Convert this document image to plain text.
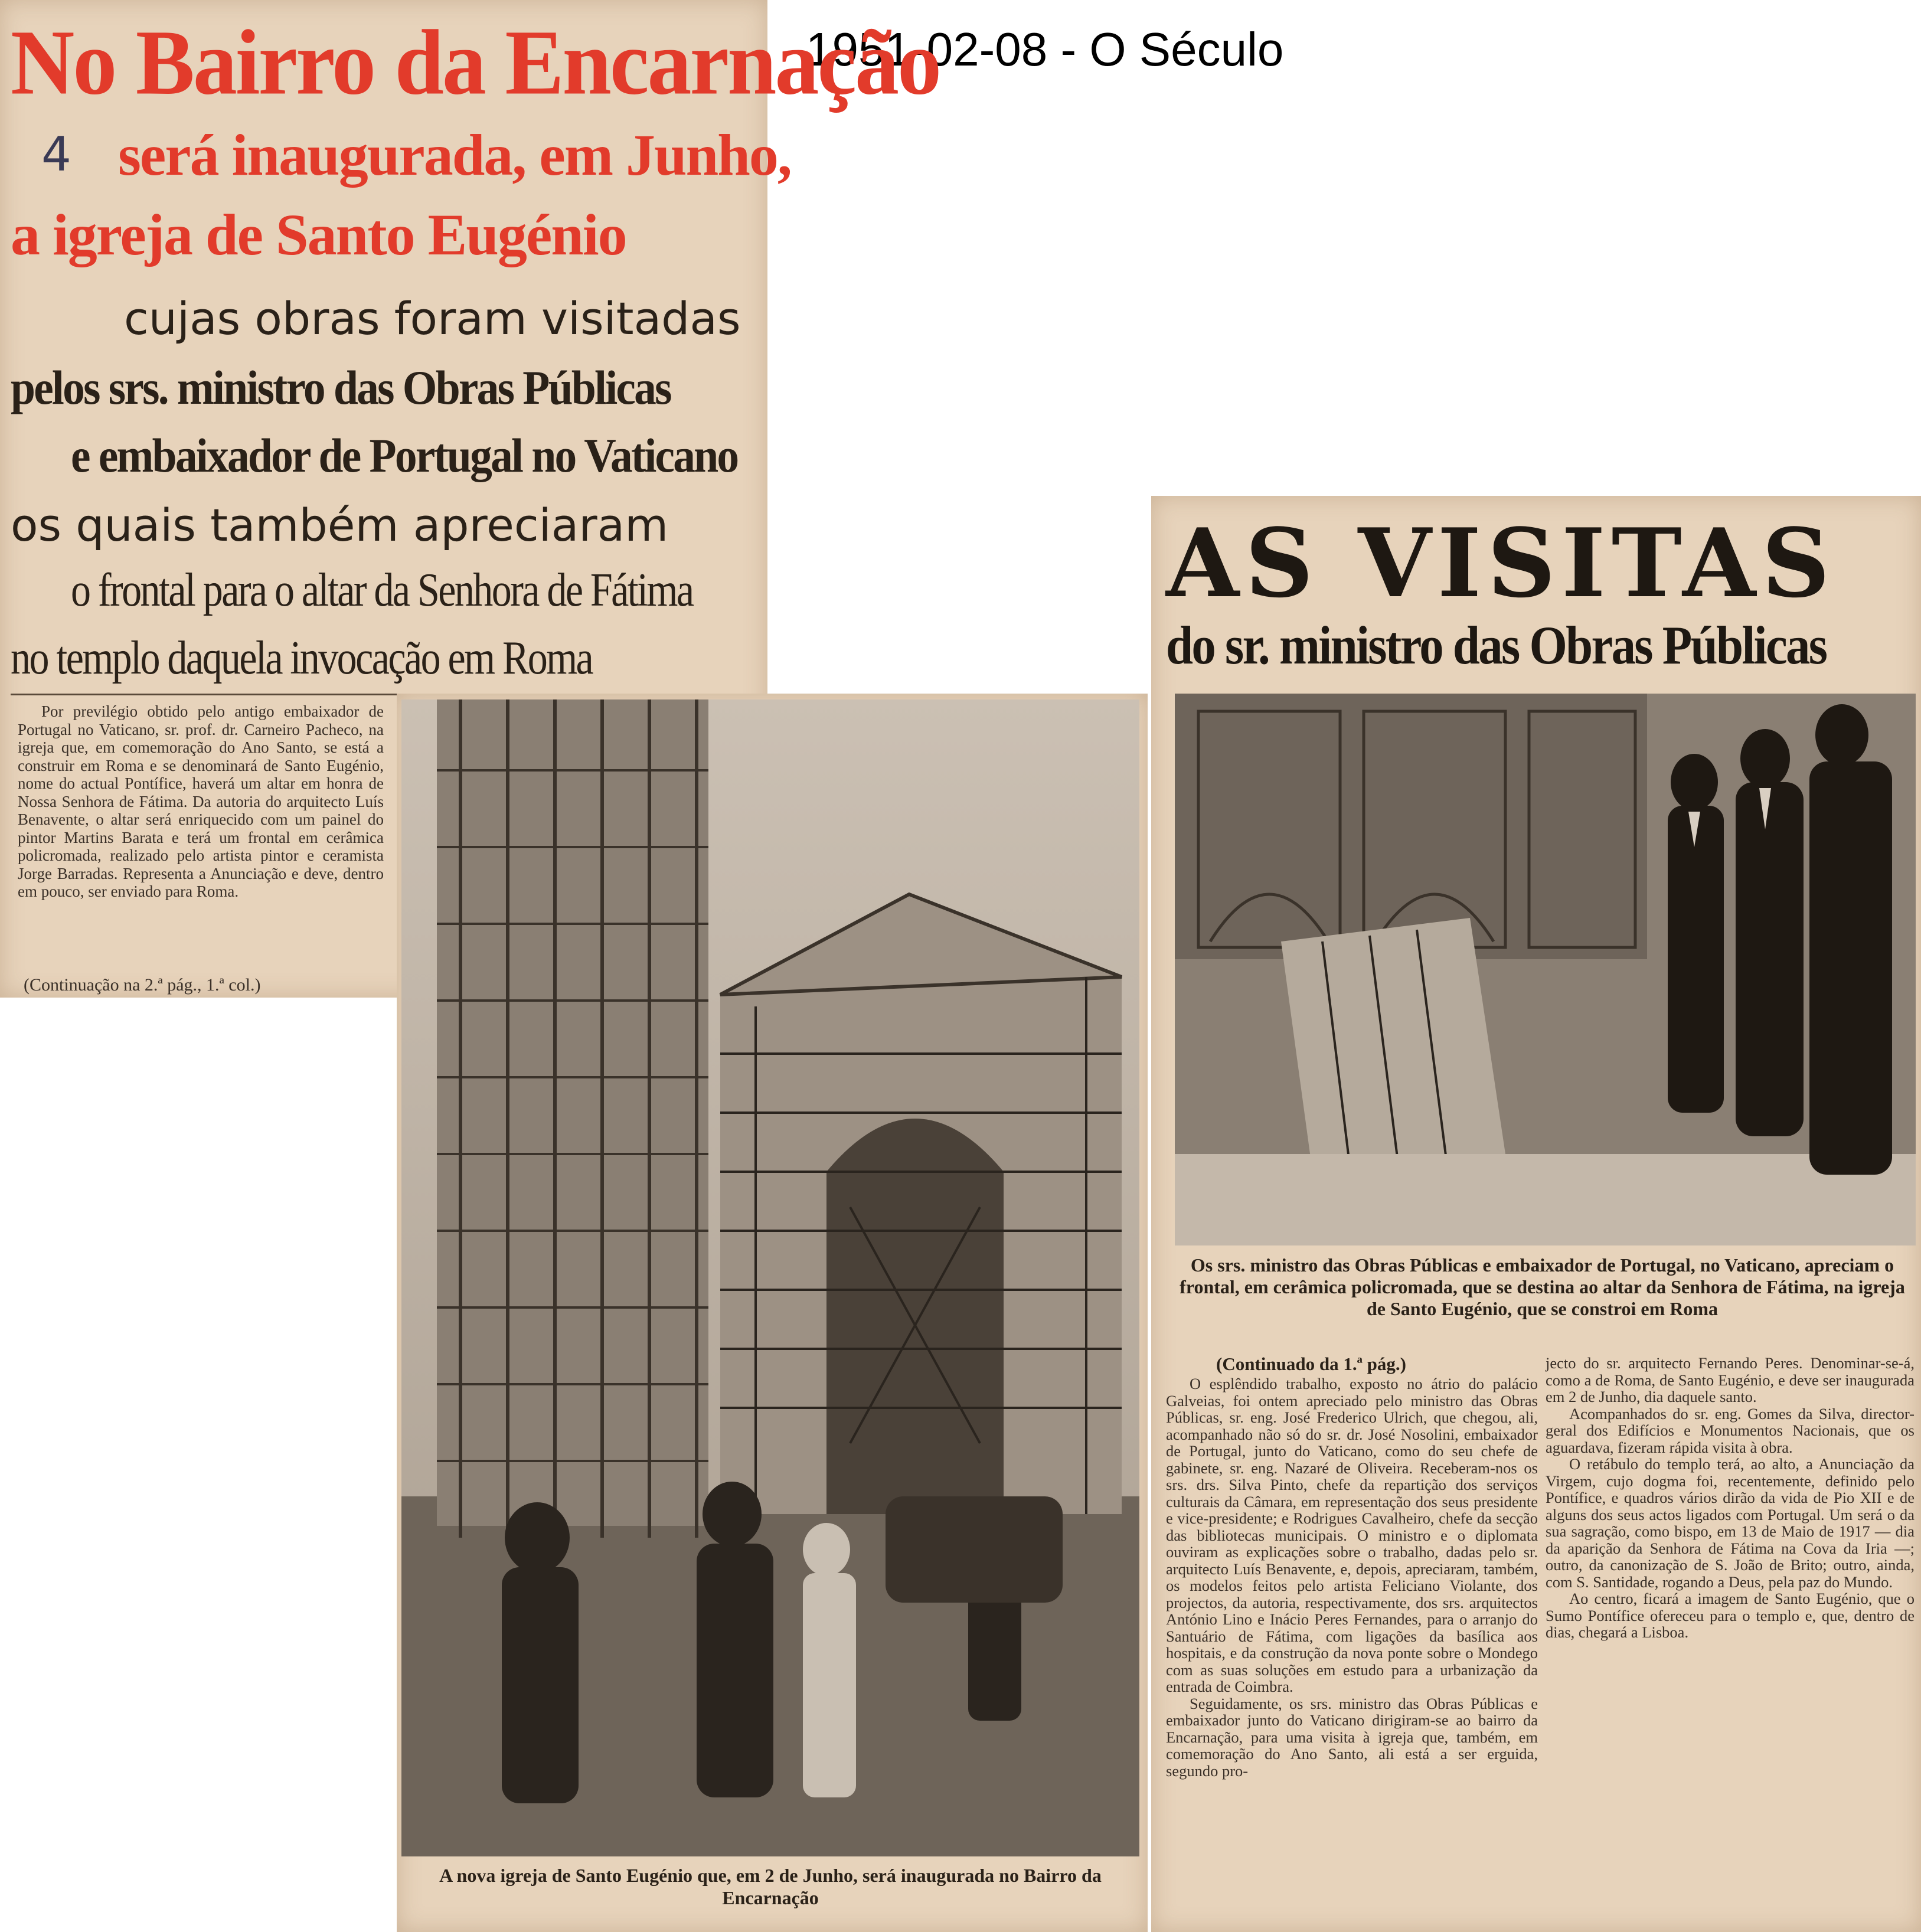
1951-02-08 - O Século
No Bairro da Encarnação
4 será inaugurada, em Junho,
a igreja de Santo Eugénio
cujas obras foram visitadas
pelos srs. ministro das Obras Públicas
e embaixador de Portugal no Vaticano
os quais também apreciaram
o frontal para o altar da Senhora de Fátima
no templo daquela invocação em Roma

Por previlégio obtido pelo antigo embaixador de Portugal no Vaticano, sr. prof. dr. Carneiro Pacheco, na igreja que, em comemoração do Ano Santo, se está a construir em Roma e se denominará de Santo Eugénio, nome do actual Pontífice, haverá um altar em honra de Nossa Senhora de Fátima. Da autoria do arquitecto Luís Benavente, o altar será enriquecido com um painel do pintor Martins Barata e terá um frontal em cerâmica policromada, realizado pelo artista pintor e ceramista Jorge Barradas. Representa a Anunciação e deve, dentro em pouco, ser enviado para Roma.

(Continuação na 2.ª pág., 1.ª col.)
A nova igreja de Santo Eugénio que, em 2 de Junho, será inaugurada no Bairro da Encarnação
AS VISITAS
do sr. ministro das Obras Públicas
Os srs. ministro das Obras Públicas e embaixador de Portugal, no Vaticano, apreciam o frontal, em cerâmica policromada, que se destina ao altar da Senhora de Fátima, na igreja de Santo Eugénio, que se constroi em Roma
(Continuado da 1.ª pág.)

O esplêndido trabalho, exposto no átrio do palácio Galveias, foi ontem apreciado pelo ministro das Obras Públicas, sr. eng. José Frederico Ulrich, que chegou, ali, acompanhado não só do sr. dr. José Nosolini, embaixador de Portugal, junto do Vaticano, como do seu chefe de gabinete, sr. eng. Nazaré de Oliveira. Receberam-nos os srs. drs. Silva Pinto, chefe da repartição dos serviços culturais da Câmara, em representação dos seus presidente e vice-presidente; e Rodrigues Cavalheiro, chefe da secção das bibliotecas municipais. O ministro e o diplomata ouviram as explicações sobre o trabalho, dadas pelo sr. arquitecto Luís Benavente, e, depois, apreciaram, também, os modelos feitos pelo artista Feliciano Violante, dos projectos, da autoria, respectivamente, dos srs. arquitectos António Lino e Inácio Peres Fernandes, para o arranjo do Santuário de Fátima, com ligações da basílica aos hospitais, e da construção da nova ponte sobre o Mondego com as suas soluções em estudo para a urbanização da entrada de Coimbra.

Seguidamente, os srs. ministro das Obras Públicas e embaixador junto do Vaticano dirigiram-se ao bairro da Encarnação, para uma visita à igreja que, também, em comemoração do Ano Santo, ali está a ser erguida, segundo pro-

jecto do sr. arquitecto Fernando Peres. Denominar-se-á, como a de Roma, de Santo Eugénio, e deve ser inaugurada em 2 de Junho, dia daquele santo.

Acompanhados do sr. eng. Gomes da Silva, director-geral dos Edifícios e Monumentos Nacionais, que os aguardava, fizeram rápida visita à obra.

O retábulo do templo terá, ao alto, a Anunciação da Virgem, cujo dogma foi, recentemente, definido pelo Pontífice, e quadros vários dirão da vida de Pio XII e de alguns dos seus actos ligados com Portugal. Um será o da sua sagração, como bispo, em 13 de Maio de 1917 — dia da aparição da Senhora de Fátima na Cova da Iria —; outro, da canonização de S. João de Brito; outro, ainda, com S. Santidade, rogando a Deus, pela paz do Mundo.

Ao centro, ficará a imagem de Santo Eugénio, que o Sumo Pontífice ofereceu para o templo e, que, dentro de dias, chegará a Lisboa.
